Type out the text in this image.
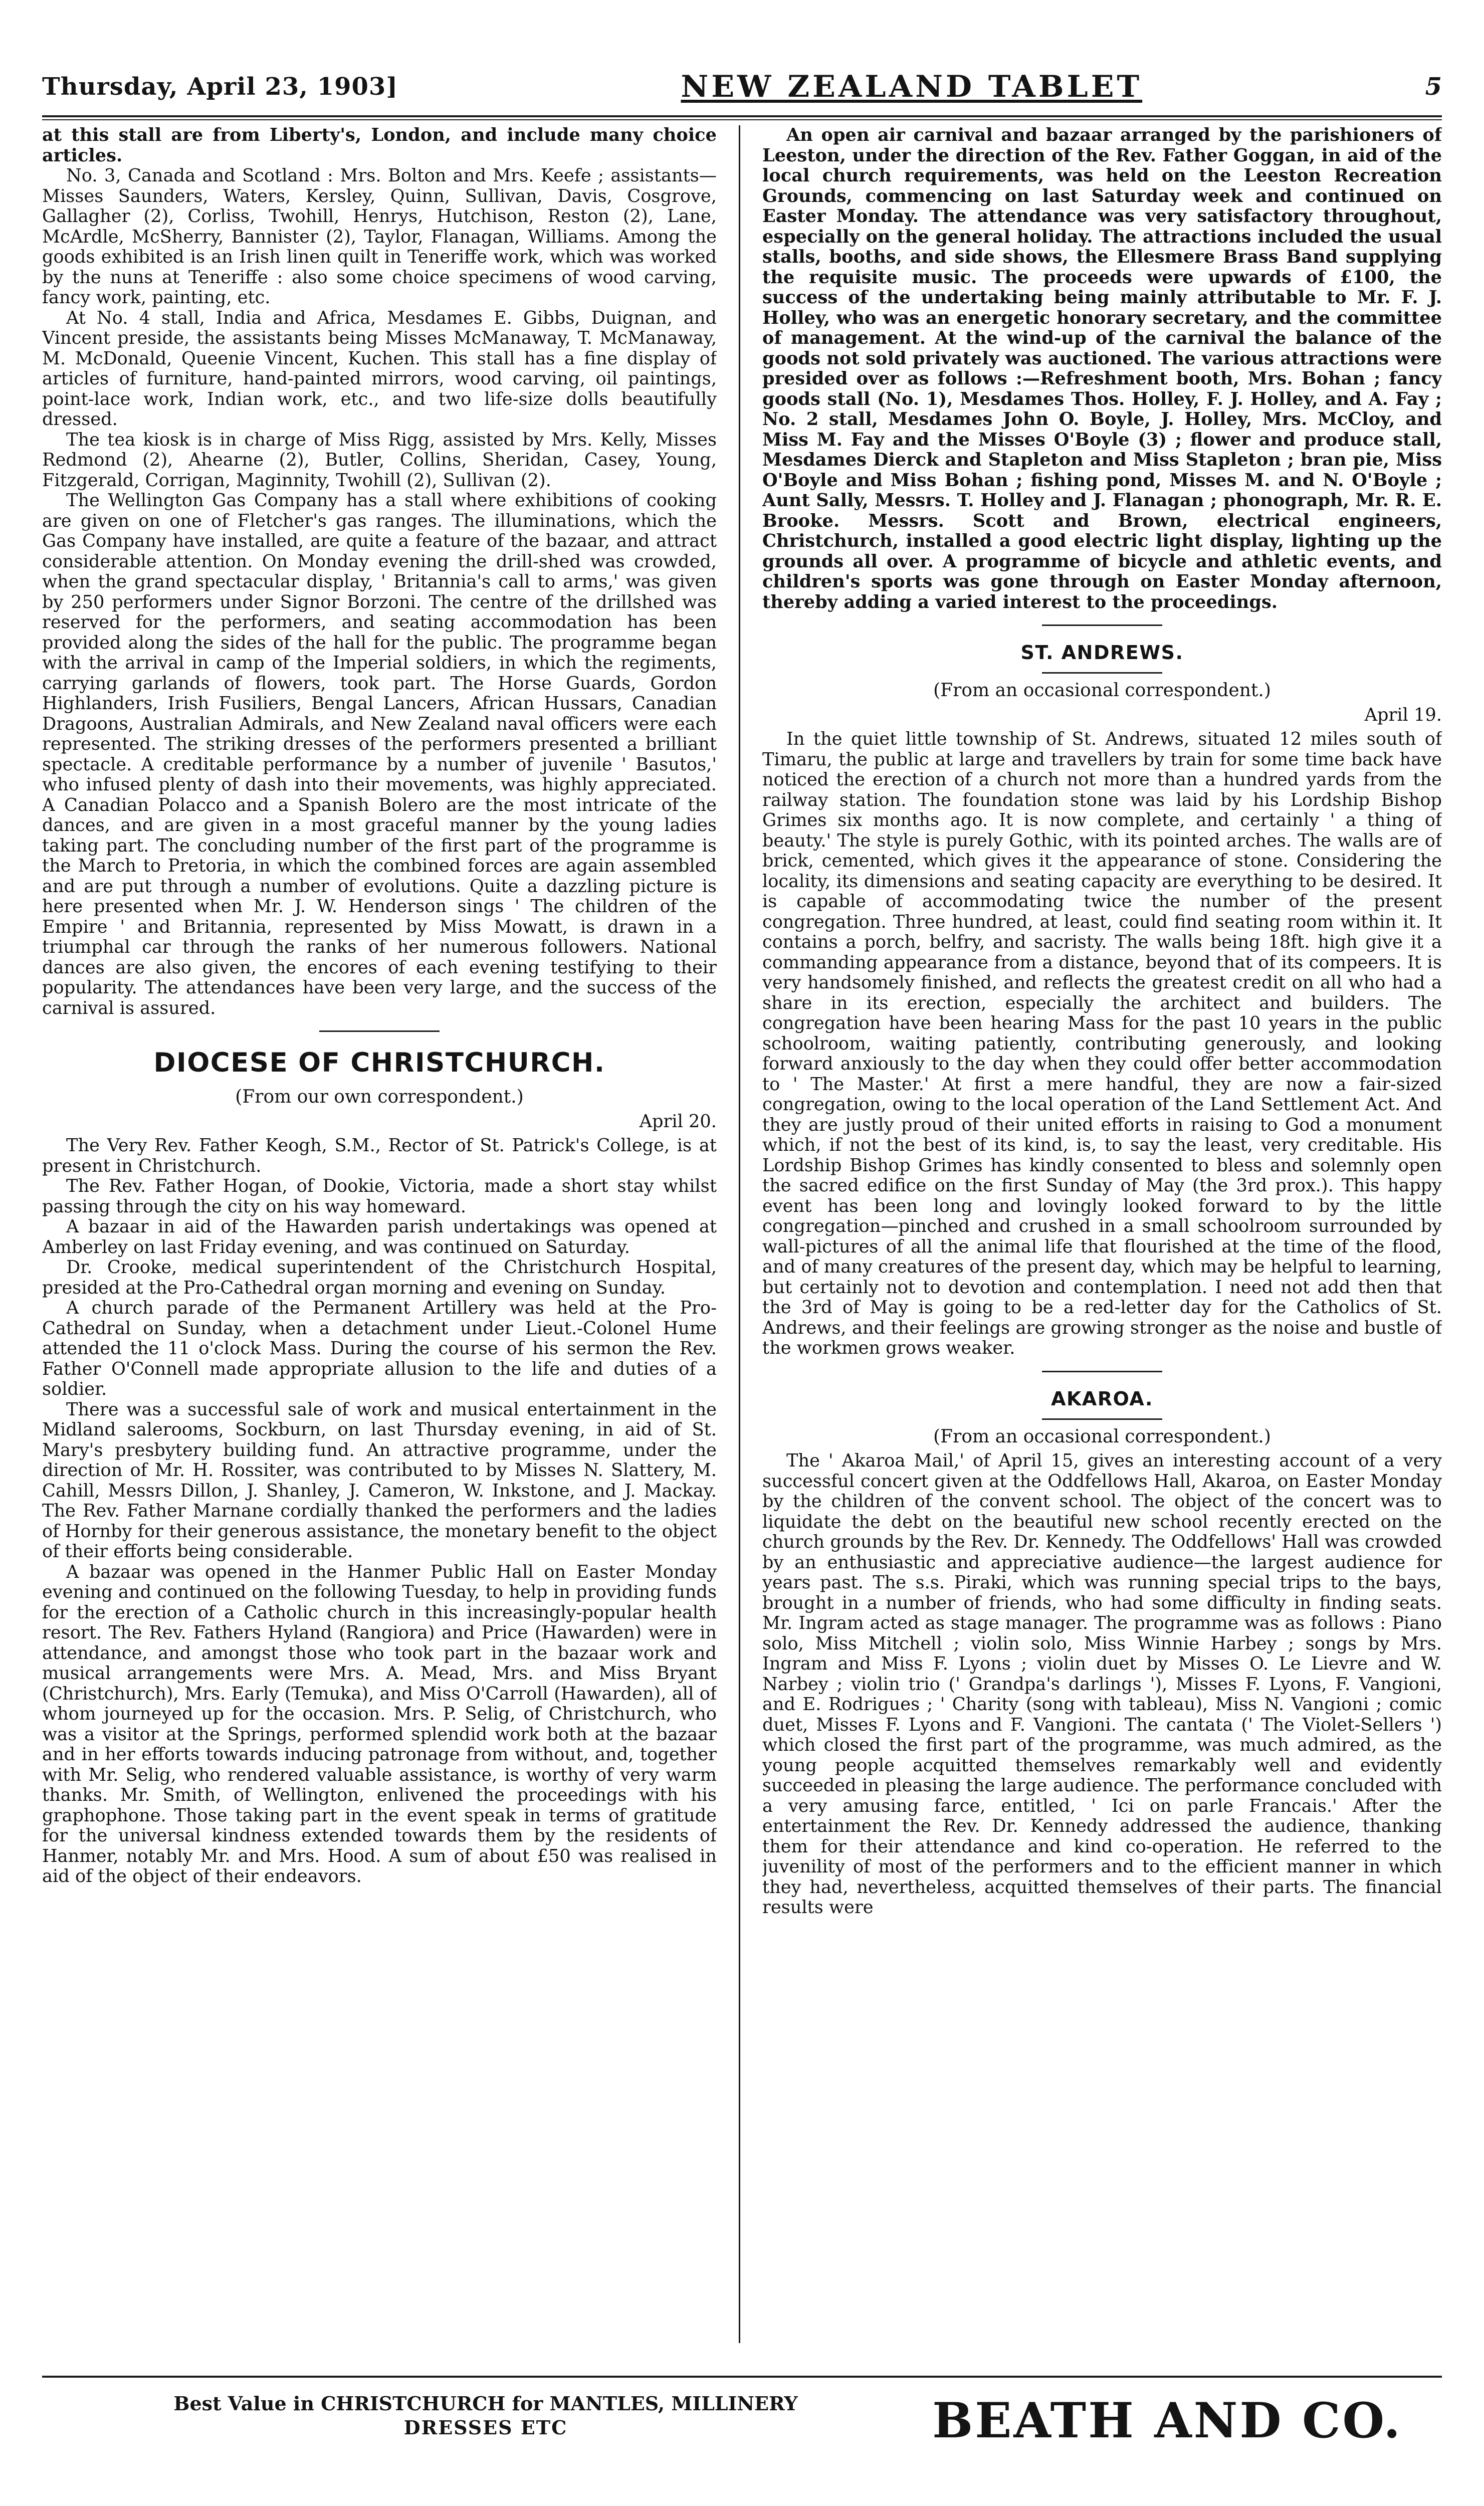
Thursday, April 23, 1903]	NEW ZEALAND TABLET	5

at this stall are from Liberty's, London, and include many choice articles.

No. 3, Canada and Scotland : Mrs. Bolton and Mrs. Keefe ; assistants—Misses Saunders, Waters, Kersley, Quinn, Sullivan, Davis, Cosgrove, Gallagher (2), Corliss, Twohill, Henrys, Hutchison, Reston (2), Lane, McArdle, McSherry, Bannister (2), Taylor, Flanagan, Williams. Among the goods exhibited is an Irish linen quilt in Teneriffe work, which was worked by the nuns at Teneriffe : also some choice specimens of wood carving, fancy work, painting, etc.

At No. 4 stall, India and Africa, Mesdames E. Gibbs, Duignan, and Vincent preside, the assistants being Misses McManaway, T. McManaway, M. McDonald, Queenie Vincent, Kuchen. This stall has a fine display of articles of furniture, hand-painted mirrors, wood carving, oil paintings, point-lace work, Indian work, etc., and two life-size dolls beautifully dressed.

The tea kiosk is in charge of Miss Rigg, assisted by Mrs. Kelly, Misses Redmond (2), Ahearne (2), Butler, Collins, Sheridan, Casey, Young, Fitzgerald, Corrigan, Maginnity, Twohill (2), Sullivan (2).

The Wellington Gas Company has a stall where exhibitions of cooking are given on one of Fletcher's gas ranges. The illuminations, which the Gas Company have installed, are quite a feature of the bazaar, and attract considerable attention. On Monday evening the drill-shed was crowded, when the grand spectacular display, ' Britannia's call to arms,' was given by 250 performers under Signor Borzoni. The centre of the drillshed was reserved for the performers, and seating accommodation has been provided along the sides of the hall for the public. The programme began with the arrival in camp of the Imperial soldiers, in which the regiments, carrying garlands of flowers, took part. The Horse Guards, Gordon Highlanders, Irish Fusiliers, Bengal Lancers, African Hussars, Canadian Dragoons, Australian Admirals, and New Zealand naval officers were each represented. The striking dresses of the performers presented a brilliant spectacle. A creditable performance by a number of juvenile ' Basutos,' who infused plenty of dash into their movements, was highly appreciated. A Canadian Polacco and a Spanish Bolero are the most intricate of the dances, and are given in a most graceful manner by the young ladies taking part. The concluding number of the first part of the programme is the March to Pretoria, in which the combined forces are again assembled and are put through a number of evolutions. Quite a dazzling picture is here presented when Mr. J. W. Henderson sings ' The children of the Empire ' and Britannia, represented by Miss Mowatt, is drawn in a triumphal car through the ranks of her numerous followers. National dances are also given, the encores of each evening testifying to their popularity. The attendances have been very large, and the success of the carnival is assured.

DIOCESE OF CHRISTCHURCH.

(From our own correspondent.)

April 20.

The Very Rev. Father Keogh, S.M., Rector of St. Patrick's College, is at present in Christchurch.

The Rev. Father Hogan, of Dookie, Victoria, made a short stay whilst passing through the city on his way homeward.

A bazaar in aid of the Hawarden parish undertakings was opened at Amberley on last Friday evening, and was continued on Saturday.

Dr. Crooke, medical superintendent of the Christchurch Hospital, presided at the Pro-Cathedral organ morning and evening on Sunday.

A church parade of the Permanent Artillery was held at the Pro-Cathedral on Sunday, when a detachment under Lieut.-Colonel Hume attended the 11 o'clock Mass. During the course of his sermon the Rev. Father O'Connell made appropriate allusion to the life and duties of a soldier.

There was a successful sale of work and musical entertainment in the Midland salerooms, Sockburn, on last Thursday evening, in aid of St. Mary's presbytery building fund. An attractive programme, under the direction of Mr. H. Rossiter, was contributed to by Misses N. Slattery, M. Cahill, Messrs Dillon, J. Shanley, J. Cameron, W. Inkstone, and J. Mackay. The Rev. Father Marnane cordially thanked the performers and the ladies of Hornby for their generous assistance, the monetary benefit to the object of their efforts being considerable.

A bazaar was opened in the Hanmer Public Hall on Easter Monday evening and continued on the following Tuesday, to help in providing funds for the erection of a Catholic church in this increasingly-popular health resort. The Rev. Fathers Hyland (Rangiora) and Price (Hawarden) were in attendance, and amongst those who took part in the bazaar work and musical arrangements were Mrs. A. Mead, Mrs. and Miss Bryant (Christchurch), Mrs. Early (Temuka), and Miss O'Carroll (Hawarden), all of whom journeyed up for the occasion. Mrs. P. Selig, of Christchurch, who was a visitor at the Springs, performed splendid work both at the bazaar and in her efforts towards inducing patronage from without, and, together with Mr. Selig, who rendered valuable assistance, is worthy of very warm thanks. Mr. Smith, of Wellington, enlivened the proceedings with his graphophone. Those taking part in the event speak in terms of gratitude for the universal kindness extended towards them by the residents of Hanmer, notably Mr. and Mrs. Hood. A sum of about £50 was realised in aid of the object of their endeavors.

An open air carnival and bazaar arranged by the parishioners of Leeston, under the direction of the Rev. Father Goggan, in aid of the local church requirements, was held on the Leeston Recreation Grounds, commencing on last Saturday week and continued on Easter Monday. The attendance was very satisfactory throughout, especially on the general holiday. The attractions included the usual stalls, booths, and side shows, the Ellesmere Brass Band supplying the requisite music. The proceeds were upwards of £100, the success of the undertaking being mainly attributable to Mr. F. J. Holley, who was an energetic honorary secretary, and the committee of management. At the wind-up of the carnival the balance of the goods not sold privately was auctioned. The various attractions were presided over as follows :—Refreshment booth, Mrs. Bohan ; fancy goods stall (No. 1), Mesdames Thos. Holley, F. J. Holley, and A. Fay ; No. 2 stall, Mesdames John O. Boyle, J. Holley, Mrs. McCloy, and Miss M. Fay and the Misses O'Boyle (3) ; flower and produce stall, Mesdames Dierck and Stapleton and Miss Stapleton ; bran pie, Miss O'Boyle and Miss Bohan ; fishing pond, Misses M. and N. O'Boyle ; Aunt Sally, Messrs. T. Holley and J. Flanagan ; phonograph, Mr. R. E. Brooke. Messrs. Scott and Brown, electrical engineers, Christchurch, installed a good electric light display, lighting up the grounds all over. A programme of bicycle and athletic events, and children's sports was gone through on Easter Monday afternoon, thereby adding a varied interest to the proceedings.

ST. ANDREWS.

(From an occasional correspondent.)

April 19.

In the quiet little township of St. Andrews, situated 12 miles south of Timaru, the public at large and travellers by train for some time back have noticed the erection of a church not more than a hundred yards from the railway station. The foundation stone was laid by his Lordship Bishop Grimes six months ago. It is now complete, and certainly ' a thing of beauty.' The style is purely Gothic, with its pointed arches. The walls are of brick, cemented, which gives it the appearance of stone. Considering the locality, its dimensions and seating capacity are everything to be desired. It is capable of accommodating twice the number of the present congregation. Three hundred, at least, could find seating room within it. It contains a porch, belfry, and sacristy. The walls being 18ft. high give it a commanding appearance from a distance, beyond that of its compeers. It is very handsomely finished, and reflects the greatest credit on all who had a share in its erection, especially the architect and builders. The congregation have been hearing Mass for the past 10 years in the public schoolroom, waiting patiently, contributing generously, and looking forward anxiously to the day when they could offer better accommodation to ' The Master.' At first a mere handful, they are now a fair-sized congregation, owing to the local operation of the Land Settlement Act. And they are justly proud of their united efforts in raising to God a monument which, if not the best of its kind, is, to say the least, very creditable. His Lordship Bishop Grimes has kindly consented to bless and solemnly open the sacred edifice on the first Sunday of May (the 3rd prox.). This happy event has been long and lovingly looked forward to by the little congregation—pinched and crushed in a small schoolroom surrounded by wall-pictures of all the animal life that flourished at the time of the flood, and of many creatures of the present day, which may be helpful to learning, but certainly not to devotion and contemplation. I need not add then that the 3rd of May is going to be a red-letter day for the Catholics of St. Andrews, and their feelings are growing stronger as the noise and bustle of the workmen grows weaker.

AKAROA.

(From an occasional correspondent.)

The ' Akaroa Mail,' of April 15, gives an interesting account of a very successful concert given at the Oddfellows Hall, Akaroa, on Easter Monday by the children of the convent school. The object of the concert was to liquidate the debt on the beautiful new school recently erected on the church grounds by the Rev. Dr. Kennedy. The Oddfellows' Hall was crowded by an enthusiastic and appreciative audience—the largest audience for years past. The s.s. Piraki, which was running special trips to the bays, brought in a number of friends, who had some difficulty in finding seats. Mr. Ingram acted as stage manager. The programme was as follows : Piano solo, Miss Mitchell ; violin solo, Miss Winnie Harbey ; songs by Mrs. Ingram and Miss F. Lyons ; violin duet by Misses O. Le Lievre and W. Narbey ; violin trio (' Grandpa's darlings '), Misses F. Lyons, F. Vangioni, and E. Rodrigues ; ' Charity (song with tableau), Miss N. Vangioni ; comic duet, Misses F. Lyons and F. Vangioni. The cantata (' The Violet-Sellers ') which closed the first part of the programme, was much admired, as the young people acquitted themselves remarkably well and evidently succeeded in pleasing the large audience. The performance concluded with a very amusing farce, entitled, ' Ici on parle Francais.' After the entertainment the Rev. Dr. Kennedy addressed the audience, thanking them for their attendance and kind co-operation. He referred to the juvenility of most of the performers and to the efficient manner in which they had, nevertheless, acquitted themselves of their parts. The financial results were

Best Value in CHRISTCHURCH for MANTLES, MILLINERY
DRESSES ETC	BEATH AND CO.
